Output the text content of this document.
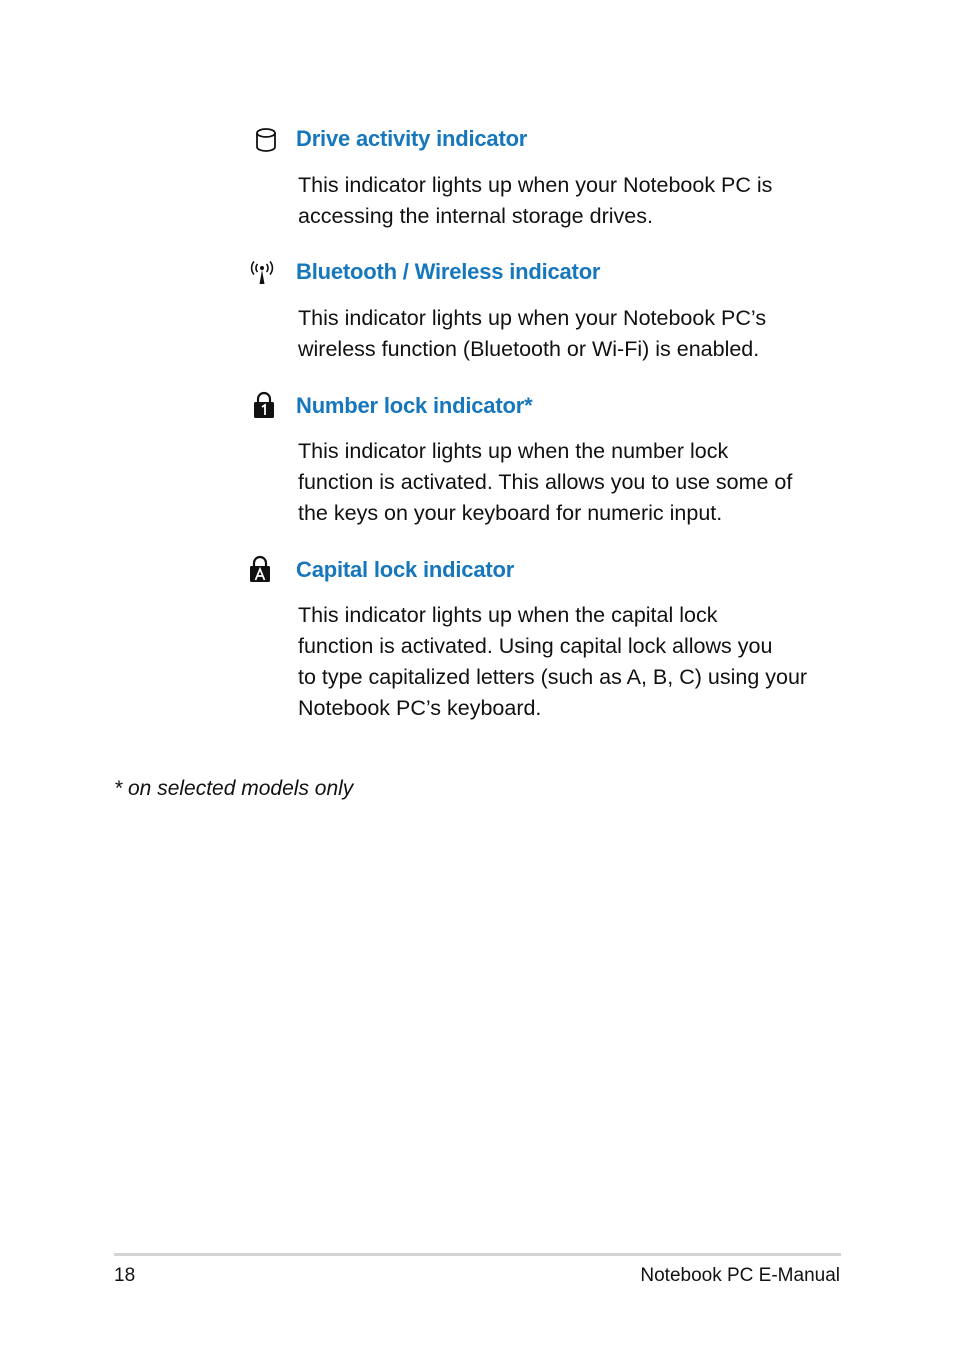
Drive activity indicator
This indicator lights up when your Notebook PC is
accessing the internal storage drives.
Bluetooth / Wireless indicator
This indicator lights up when your Notebook PC’s
wireless function (Bluetooth or Wi-Fi) is enabled.
Number lock indicator*
This indicator lights up when the number lock
function is activated. This allows you to use some of
the keys on your keyboard for numeric input.
Capital lock indicator
This indicator lights up when the capital lock
function is activated. Using capital lock allows you
to type capitalized letters (such as A, B, C) using your
Notebook PC’s keyboard.
* on selected models only
18	Notebook PC E-Manual
